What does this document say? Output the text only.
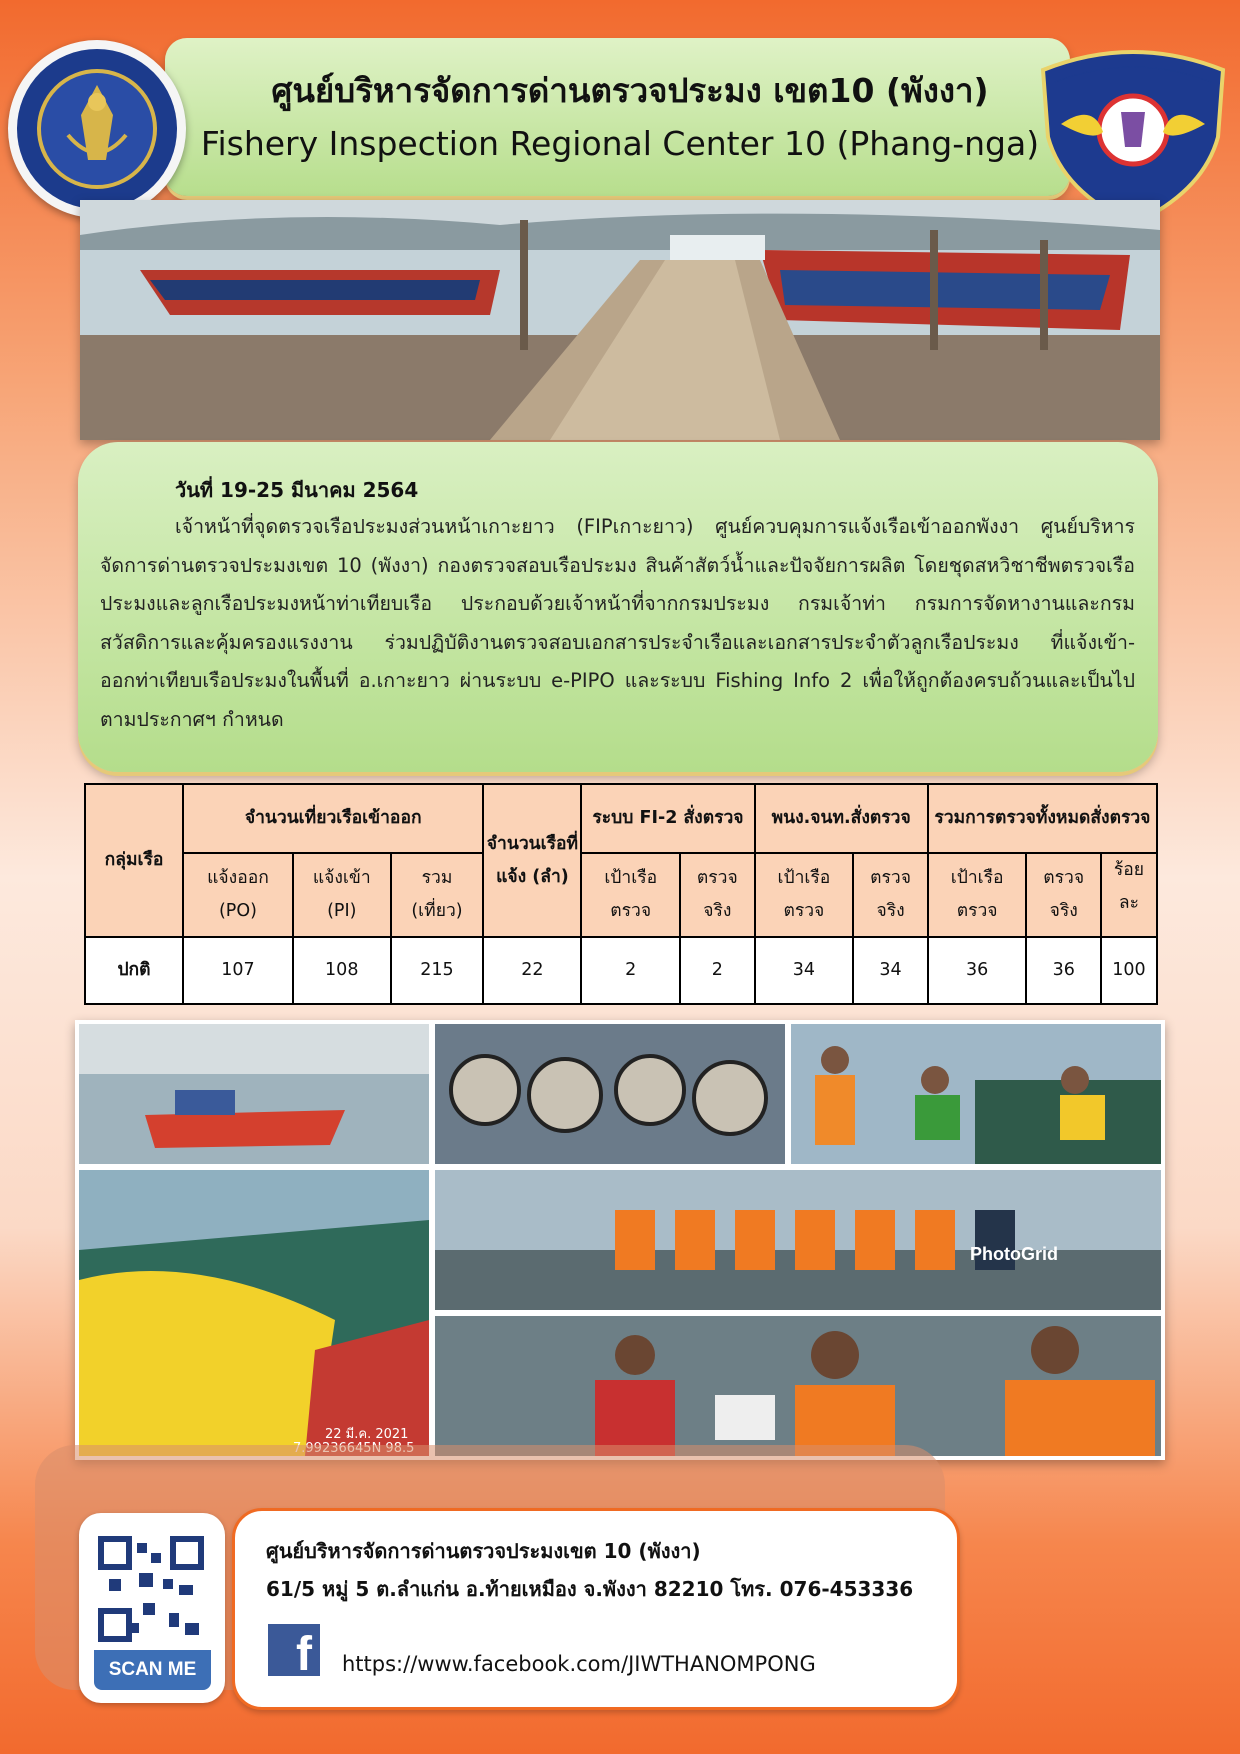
ศูนย์บริหารจัดการด่านตรวจประมง เขต10 (พังงา)
Fishery Inspection Regional Center 10 (Phang-nga)
วันที่ 19-25 มีนาคม 2564
เจ้าหน้าที่จุดตรวจเรือประมงส่วนหน้าเกาะยาว (FIPเกาะยาว) ศูนย์ควบคุมการแจ้งเรือเข้าออกพังงา ศูนย์บริหารจัดการด่านตรวจประมงเขต 10 (พังงา) กองตรวจสอบเรือประมง สินค้าสัตว์น้ำและปัจจัยการผลิต โดยชุดสหวิชาชีพตรวจเรือประมงและลูกเรือประมงหน้าท่าเทียบเรือ ประกอบด้วยเจ้าหน้าที่จากกรมประมง กรมเจ้าท่า กรมการจัดหางานและกรมสวัสดิการและคุ้มครองแรงงาน ร่วมปฏิบัติงานตรวจสอบเอกสารประจำเรือและเอกสารประจำตัวลูกเรือประมง ที่แจ้งเข้า-ออกท่าเทียบเรือประมงในพื้นที่ อ.เกาะยาว ผ่านระบบ e-PIPO และระบบ Fishing Info 2 เพื่อให้ถูกต้องครบถ้วนและเป็นไปตามประกาศฯ กำหนด
กลุ่มเรือ	จำนวนเที่ยวเรือเข้าออก			จำนวนเรือที่แจ้ง (ลำ)	ระบบ FI-2 สั่งตรวจ		พนง.จนท.สั่งตรวจ		รวมการตรวจทั้งหมดสั่งตรวจ		
	แจ้งออก (PO)	แจ้งเข้า (PI)	รวม (เที่ยว)		เป้าเรือตรวจ	ตรวจจริง	เป้าเรือตรวจ	ตรวจจริง	เป้าเรือตรวจ	ตรวจจริง	ร้อยละ
ปกติ	107	108	215	22	2	2	34	34	36	36	100
22 มี.ค. 2021
PhotoGrid
SCAN ME
ศูนย์บริหารจัดการด่านตรวจประมงเขต 10 (พังงา)
61/5 หมู่ 5 ต.ลำแก่น อ.ท้ายเหมือง จ.พังงา 82210 โทร. 076-453336
f	https://www.facebook.com/JIWTHANOMPONG
